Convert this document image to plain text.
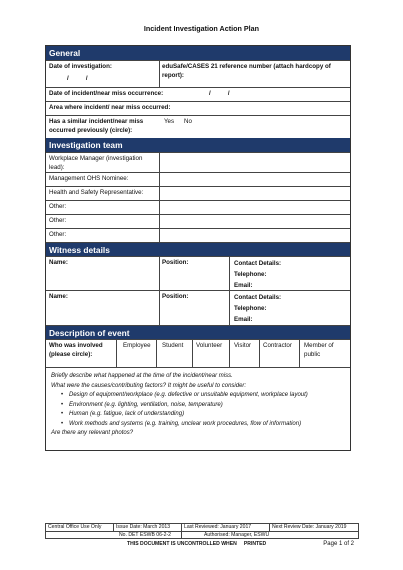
Incident Investigation Action Plan
General
Date of investigation:
/          /
eduSafe/CASES 21 reference number (attach hardcopy of report):
Date of incident/near miss occurrence:	/          /
Area where incident/ near miss occurred:
Has a similar incident/near miss occurred previously (circle):
Yes	No
Investigation team
Workplace Manager (investigation lead):
Management OHS Nominee:
Health and Safety Representative:
Other:
Other:
Other:
Witness details
Name:	Position:	Contact Details:
Telephone:
Email:
Name:	Position:	Contact Details:
Telephone:
Email:
Description of event
Who was involved (please circle):
Employee	Student	Volunteer	Visitor	Contractor	Member of public
Briefly describe what happened at the time of the incident/near miss.
What were the causes/contributing factors? It might be useful to consider:
• Design of equipment/workplace (e.g. defective or unsuitable equipment, workplace layout)
• Environment (e.g. lighting, ventilation, noise, temperature)
• Human (e.g. fatigue, lack of understanding)
• Work methods and systems (e.g. training, unclear work procedures, flow of information)
Are there any relevant photos?
Central Office Use Only	Issue Date: March 2013	Last Reviewed: January 2017	Next Review Date: January 2019
No. DET ESWB 06-2-2		Authorised: Manager, ESWU	
THIS DOCUMENT IS UNCONTROLLED WHEN     PRINTED	Page 1 of 2
